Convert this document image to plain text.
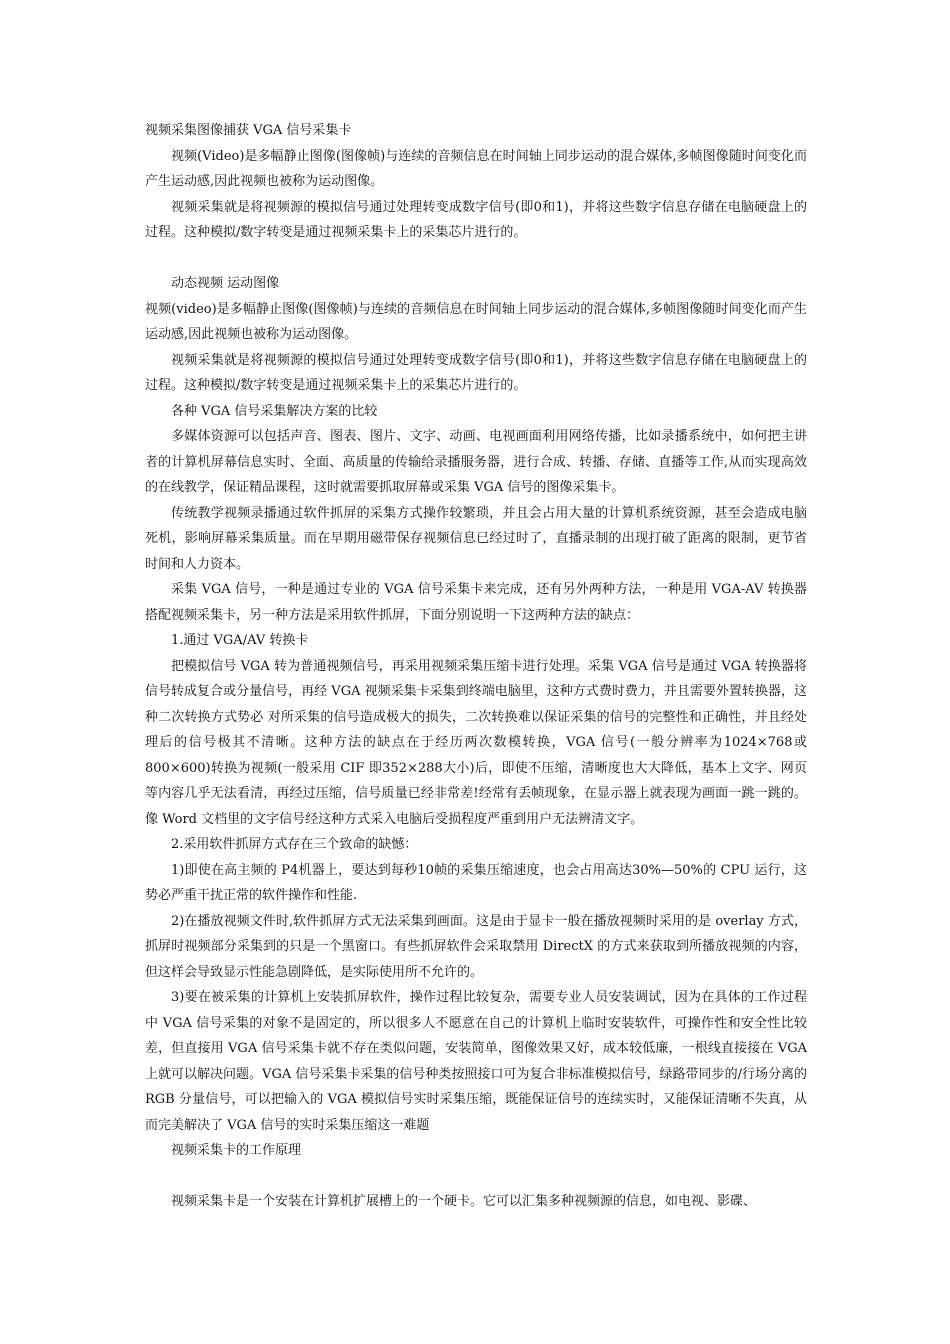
视频采集图像捕获 VGA 信号采集卡

视频(Video)是多幅静止图像(图像帧)与连续的音频信息在时间轴上同步运动的混合媒体,多帧图像随时间变化而产生运动感,因此视频也被称为运动图像。

视频采集就是将视频源的模拟信号通过处理转变成数字信号(即0和1)，并将这些数字信息存储在电脑硬盘上的过程。这种模拟/数字转变是通过视频采集卡上的采集芯片进行的。

动态视频 运动图像

视频(video)是多幅静止图像(图像帧)与连续的音频信息在时间轴上同步运动的混合媒体,多帧图像随时间变化而产生运动感,因此视频也被称为运动图像。

视频采集就是将视频源的模拟信号通过处理转变成数字信号(即0和1)，并将这些数字信息存储在电脑硬盘上的过程。这种模拟/数字转变是通过视频采集卡上的采集芯片进行的。

各种 VGA 信号采集解决方案的比较

多媒体资源可以包括声音、图表、图片、文字、动画、电视画面利用网络传播，比如录播系统中，如何把主讲者的计算机屏幕信息实时、全面、高质量的传输给录播服务器，进行合成、转播、存储、直播等工作,从而实现高效的在线教学，保证精品课程，这时就需要抓取屏幕或采集 VGA 信号的图像采集卡。

传统教学视频录播通过软件抓屏的采集方式操作较繁琐，并且会占用大量的计算机系统资源，甚至会造成电脑死机，影响屏幕采集质量。而在早期用磁带保存视频信息已经过时了，直播录制的出现打破了距离的限制，更节省时间和人力资本。

采集 VGA 信号，一种是通过专业的 VGA 信号采集卡来完成，还有另外两种方法，一种是用 VGA-AV 转换器搭配视频采集卡，另一种方法是采用软件抓屏，下面分别说明一下这两种方法的缺点：

1.通过 VGA/AV 转换卡

把模拟信号 VGA 转为普通视频信号，再采用视频采集压缩卡进行处理。采集 VGA 信号是通过 VGA 转换器将信号转成复合或分量信号，再经 VGA 视频采集卡采集到终端电脑里，这种方式费时费力，并且需要外置转换器，这种二次转换方式势必 对所采集的信号造成极大的损失，二次转换难以保证采集的信号的完整性和正确性，并且经处理后的信号极其不清晰。这种方法的缺点在于经历两次数模转换，VGA 信号(一般分辨率为1024×768或800×600)转换为视频(一般采用 CIF 即352×288大小)后，即使不压缩，清晰度也大大降低，基本上文字、网页等内容几乎无法看清，再经过压缩，信号质量已经非常差!经常有丢帧现象，在显示器上就表现为画面一跳一跳的。像 Word 文档里的文字信号经这种方式采入电脑后受损程度严重到用户无法辨清文字。

2.采用软件抓屏方式存在三个致命的缺憾：

1)即使在高主频的 P4机器上，要达到每秒10帧的采集压缩速度，也会占用高达30%—50%的 CPU 运行，这势必严重干扰正常的软件操作和性能.

2)在播放视频文件时,软件抓屏方式无法采集到画面。这是由于显卡一般在播放视频时采用的是 overlay 方式，抓屏时视频部分采集到的只是一个黑窗口。有些抓屏软件会采取禁用 DirectX 的方式来获取到所播放视频的内容，但这样会导致显示性能急剧降低，是实际使用所不允许的。

3)要在被采集的计算机上安装抓屏软件，操作过程比较复杂，需要专业人员安装调试，因为在具体的工作过程中 VGA 信号采集的对象不是固定的，所以很多人不愿意在自己的计算机上临时安装软件，可操作性和安全性比较差，但直接用 VGA 信号采集卡就不存在类似问题，安装简单，图像效果又好，成本较低廉，一根线直接接在 VGA 上就可以解决问题。VGA 信号采集卡采集的信号种类按照接口可为复合非标准模拟信号，绿路带同步的/行场分离的 RGB 分量信号，可以把输入的 VGA 模拟信号实时采集压缩，既能保证信号的连续实时，又能保证清晰不失真，从而完美解决了 VGA 信号的实时采集压缩这一难题

视频采集卡的工作原理

视频采集卡是一个安装在计算机扩展槽上的一个硬卡。它可以汇集多种视频源的信息，如电视、影碟、
